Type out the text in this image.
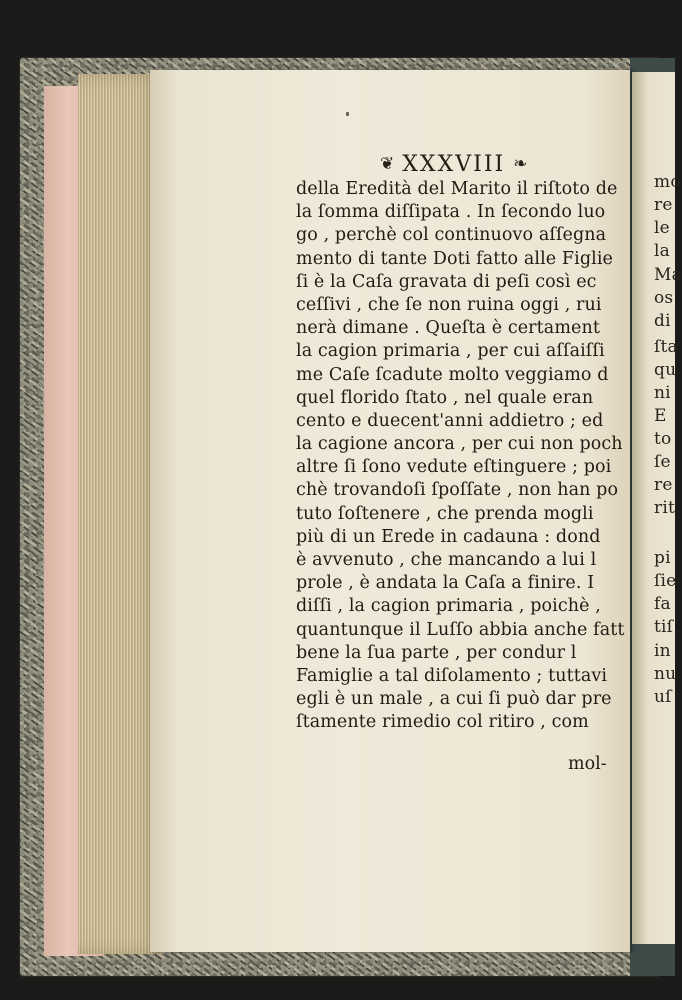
mo
re
le
la
Ma
os
di
ſta
qu
ni
E
to
ſe
re
rit
pi
ſie
fa
tiſ
in
nu
uſ
❦ XXXVIII ❧
della Eredità del Marito il riſtoto de
la ſomma diſſipata . In ſecondo luo
go , perchè col continuovo aſſegna
mento di tante Doti fatto alle Figlie
ſi è la Caſa gravata di peſi così ec
ceſſivi , che ſe non ruina oggi , rui
nerà dimane . Queſta è certament
la cagion primaria , per cui aſſaiſſi
me Caſe ſcadute molto veggiamo d
quel florido ſtato , nel quale eran
cento e duecent'anni addietro ; ed
la cagione ancora , per cui non poch
altre ſi ſono vedute eſtinguere ; poi
chè trovandoſi ſpoſſate , non han po
tuto ſoſtenere , che prenda mogli
più di un Erede in cadauna : dond
è avvenuto , che mancando a lui l
prole , è andata la Caſa a finire. I
diſſi , la cagion primaria , poichè ,
quantunque il Luſſo abbia anche fatt
bene la ſua parte , per condur l
Famiglie a tal diſolamento ; tuttavi
egli è un male , a cui ſi può dar pre
ſtamente rimedio col ritiro , com
mol-
